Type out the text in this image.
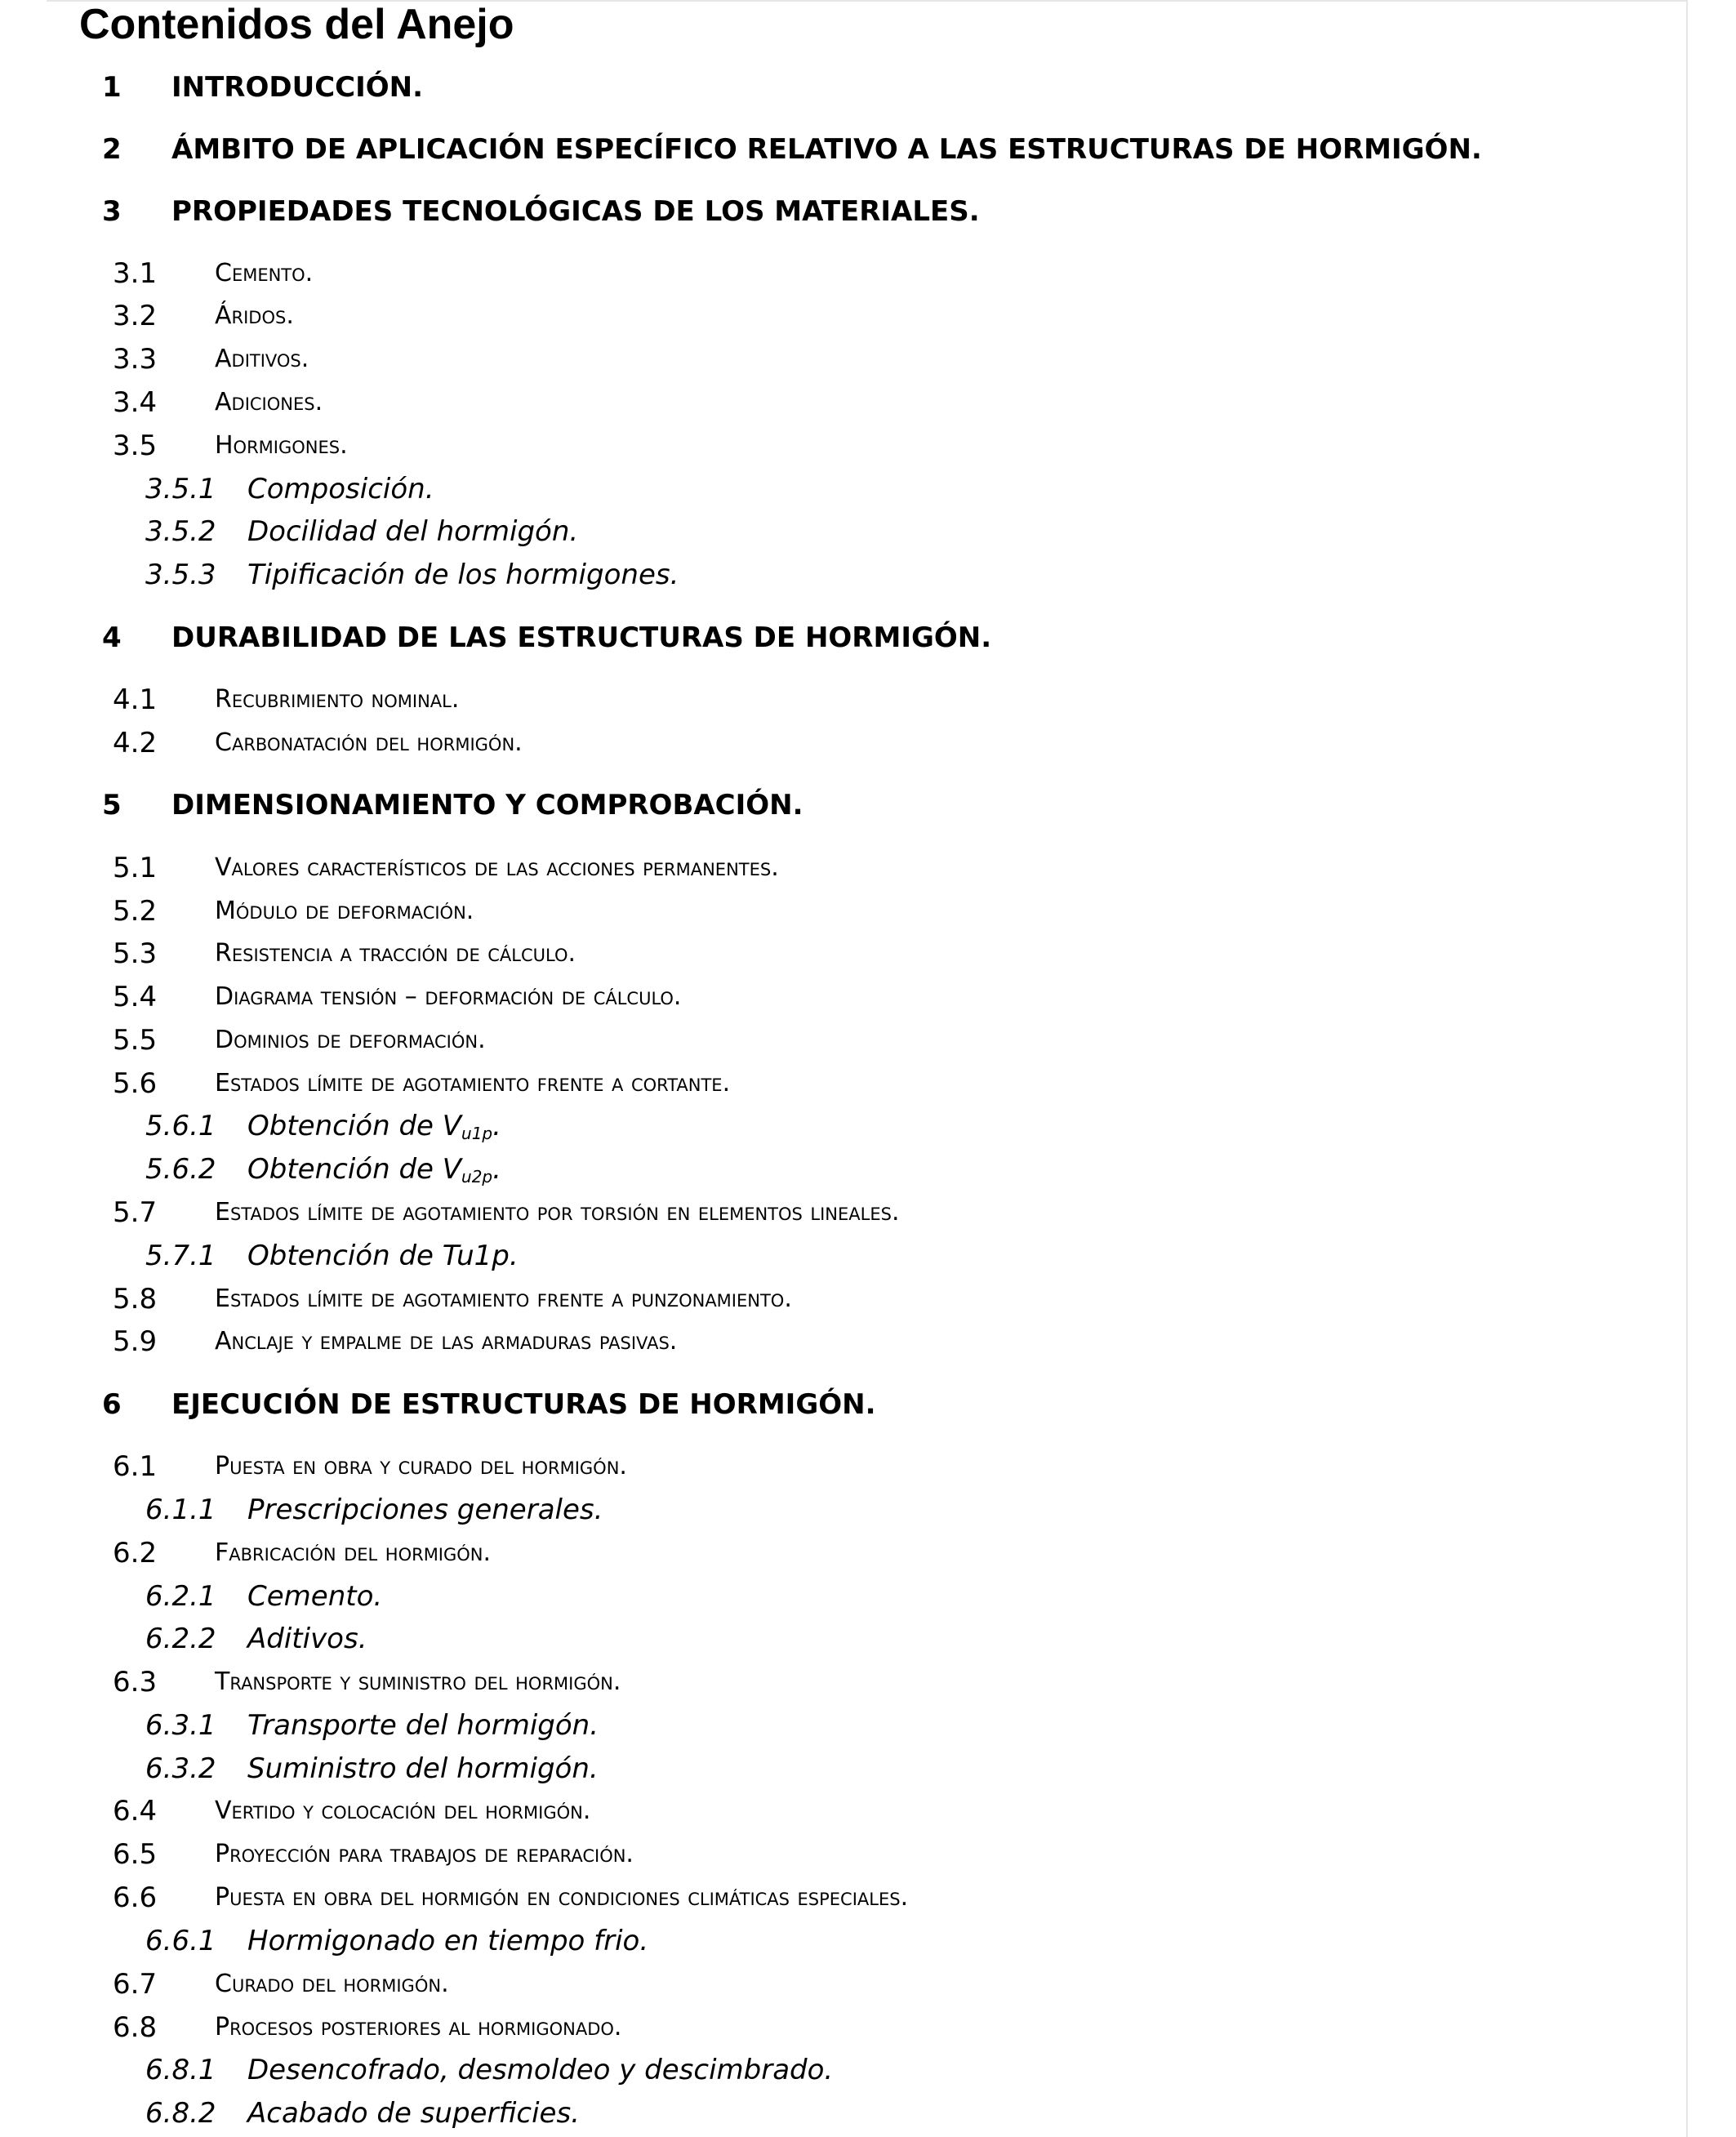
Contenidos del Anejo
1 INTRODUCCIÓN.
2 ÁMBITO DE APLICACIÓN ESPECÍFICO RELATIVO A LAS ESTRUCTURAS DE HORMIGÓN.
3 PROPIEDADES TECNOLÓGICAS DE LOS MATERIALES.
3.1 Cemento.
3.2 Áridos.
3.3 Aditivos.
3.4 Adiciones.
3.5 Hormigones.
3.5.1 Composición.
3.5.2 Docilidad del hormigón.
3.5.3 Tipificación de los hormigones.
4 DURABILIDAD DE LAS ESTRUCTURAS DE HORMIGÓN.
4.1 Recubrimiento nominal.
4.2 Carbonatación del hormigón.
5 DIMENSIONAMIENTO Y COMPROBACIÓN.
5.1 Valores característicos de las acciones permanentes.
5.2 Módulo de deformación.
5.3 Resistencia a tracción de cálculo.
5.4 Diagrama tensión – deformación de cálculo.
5.5 Dominios de deformación.
5.6 Estados límite de agotamiento frente a cortante.
5.6.1 Obtención de $V_{u1p}$.
5.6.2 Obtención de $V_{u2p}$.
5.7 Estados límite de agotamiento por torsión en elementos lineales.
5.7.1 Obtención de Tu1p.
5.8 Estados límite de agotamiento frente a punzonamiento.
5.9 Anclaje y empalme de las armaduras pasivas.
6 EJECUCIÓN DE ESTRUCTURAS DE HORMIGÓN.
6.1 Puesta en obra y curado del hormigón.
6.1.1 Prescripciones generales.
6.2 Fabricación del hormigón.
6.2.1 Cemento.
6.2.2 Aditivos.
6.3 Transporte y suministro del hormigón.
6.3.1 Transporte del hormigón.
6.3.2 Suministro del hormigón.
6.4 Vertido y colocación del hormigón.
6.5 Proyección para trabajos de reparación.
6.6 Puesta en obra del hormigón en condiciones climáticas especiales.
6.6.1 Hormigonado en tiempo frio.
6.7 Curado del hormigón.
6.8 Procesos posteriores al hormigonado.
6.8.1 Desencofrado, desmoldeo y descimbrado.
6.8.2 Acabado de superficies.
